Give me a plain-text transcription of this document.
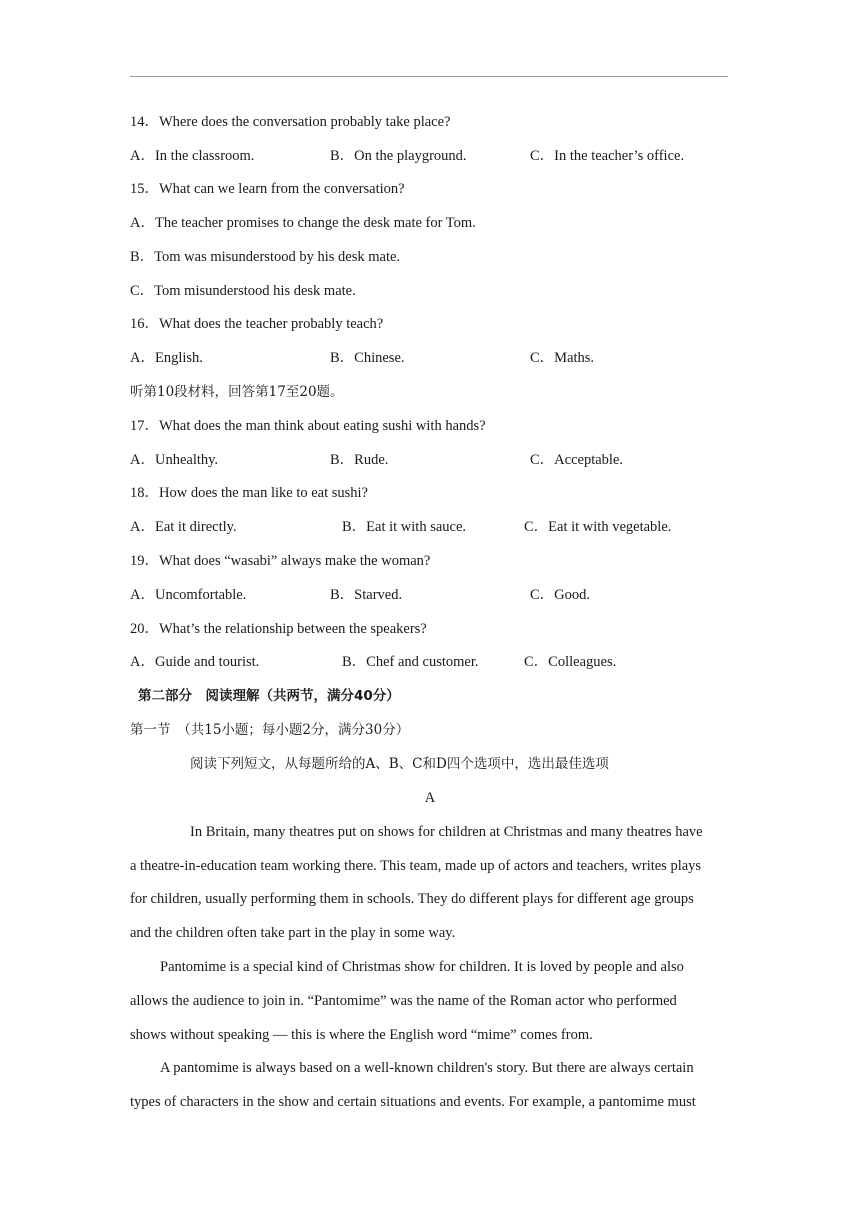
14．Where does the conversation probably take place?
A．In the classroom.	B．On the playground.	C．In the teacher’s office.
15．What can we learn from the conversation?
A．The teacher promises to change the desk mate for Tom.
B．Tom was misunderstood by his desk mate.
C．Tom misunderstood his desk mate.
16．What does the teacher probably teach?
A．English.	B．Chinese.	C．Maths.
听第10段材料，回答第17至20题。
17．What does the man think about eating sushi with hands?
A．Unhealthy.	B．Rude.	C．Acceptable.
18．How does the man like to eat sushi?
A．Eat it directly.	B．Eat it with sauce.	C．Eat it with vegetable.
19．What does “wasabi” always make the woman?
A．Uncomfortable.	B．Starved.	C．Good.
20．What’s the relationship between the speakers?
A．Guide and tourist.	B．Chef and customer.	C．Colleagues.
第二部分　阅读理解（共两节，满分40分）
第一节　（共15小题；每小题2分，满分30分）
阅读下列短文，从每题所给的A、B、C和D四个选项中，选出最佳选项
A
In Britain, many theatres put on shows for children at Christmas and many theatres have
a theatre-in-education team working there. This team, made up of actors and teachers, writes plays
for children, usually performing them in schools. They do different plays for different age groups
and the children often take part in the play in some way.
Pantomime is a special kind of Christmas show for children. It is loved by people and also
allows the audience to join in. “Pantomime” was the name of the Roman actor who performed
shows without speaking — this is where the English word “mime” comes from.
A pantomime is always based on a well-known children's story. But there are always certain
types of characters in the show and certain situations and events. For example, a pantomime must
